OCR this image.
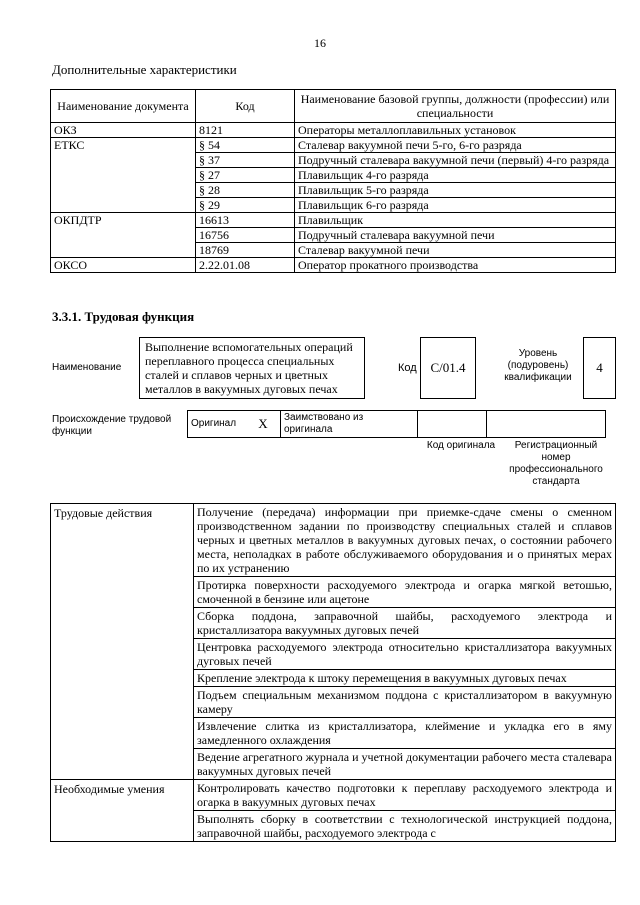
16
Дополнительные характеристики
Наименование документа	Код	Наименование базовой группы, должности (профессии) или специальности
ОКЗ	8121	Операторы металлоплавильных установок
ЕТКС	§ 54	Сталевар вакуумной печи 5-го, 6-го разряда
	§ 37	Подручный сталевара вакуумной печи (первый) 4-го разряда
	§ 27	Плавильщик 4-го разряда
	§ 28	Плавильщик 5-го разряда
	§ 29	Плавильщик 6-го разряда
ОКПДТР	16613	Плавильщик
	16756	Подручный сталевара вакуумной печи
	18769	Сталевар вакуумной печи
ОКСО	2.22.01.08	Оператор прокатного производства
3.3.1. Трудовая функция
Наименование
Выполнение вспомогательных операций переплавного процесса специальных сталей и сплавов черных и цветных металлов в вакуумных дуговых печах
Код	С/01.4
Уровень (подуровень) квалификации
4
Происхождение трудовой функции
Оригинал	X	Заимствовано из оригинала		
Код оригинала	Регистрационный номер профессионального стандарта
Трудовые действия	Получение (передача) информации при приемке-сдаче смены о сменном производственном задании по производству специальных сталей и сплавов черных и цветных металлов в вакуумных дуговых печах, о состоянии рабочего места, неполадках в работе обслуживаемого оборудования и о принятых мерах по их устранению
	Протирка поверхности расходуемого электрода и огарка мягкой ветошью, смоченной в бензине или ацетоне
	Сборка поддона, заправочной шайбы, расходуемого электрода и кристаллизатора вакуумных дуговых печей
	Центровка расходуемого электрода относительно кристаллизатора вакуумных дуговых печей
	Крепление электрода к штоку перемещения в вакуумных дуговых печах
	Подъем специальным механизмом поддона с кристаллизатором в вакуумную камеру
	Извлечение слитка из кристаллизатора, клеймение и укладка его в яму замедленного охлаждения
	Ведение агрегатного журнала и учетной документации рабочего места сталевара вакуумных дуговых печей
Необходимые умения	Контролировать качество подготовки к переплаву расходуемого электрода и огарка в вакуумных дуговых печах
	Выполнять сборку в соответствии с технологической инструкцией поддона, заправочной шайбы, расходуемого электрода с
